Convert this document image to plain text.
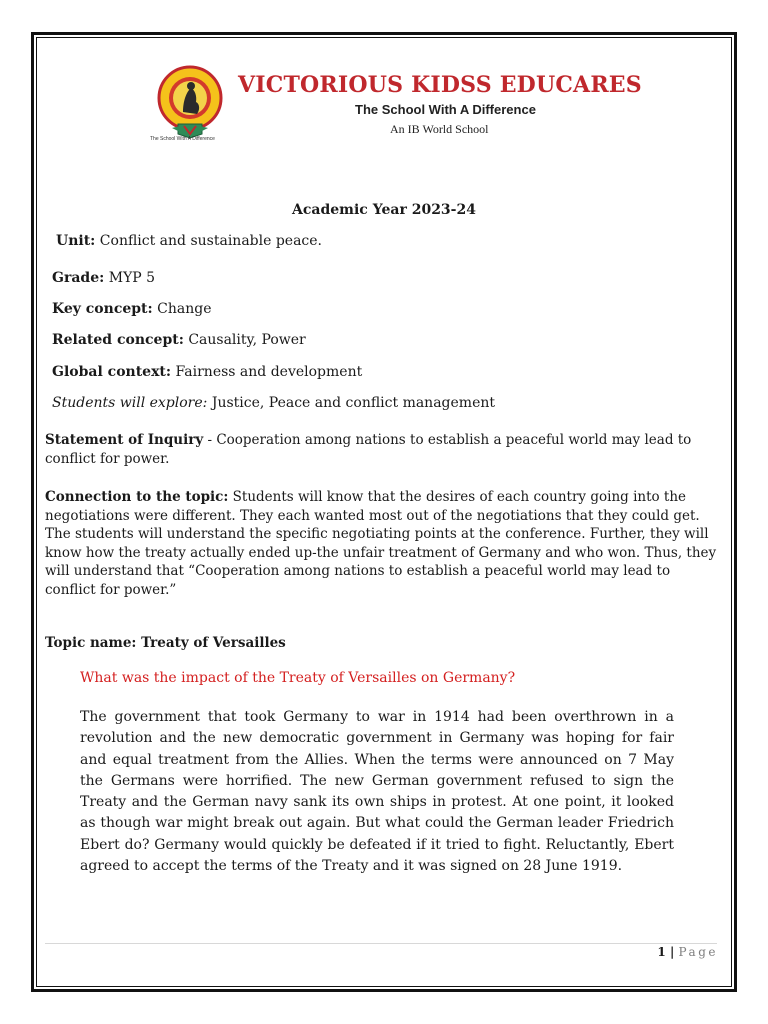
The School With A Difference
VICTORIOUS KIDSS EDUCARES
The School With A Difference
An IB World School
Academic Year 2023-24
Unit: Conflict and sustainable peace.
Grade: MYP 5
Key concept: Change
Related concept: Causality, Power
Global context: Fairness and development
Students will explore: Justice, Peace and conflict management

Statement of Inquiry - Cooperation among nations to establish a peaceful world may lead to conflict for power.

Connection to the topic: Students will know that the desires of each country going into the negotiations were different. They each wanted most out of the negotiations that they could get. The students will understand the specific negotiating points at the conference. Further, they will know how the treaty actually ended up-the unfair treatment of Germany and who won. Thus, they will understand that “Cooperation among nations to establish a peaceful world may lead to conflict for power.”

Topic name: Treaty of Versailles
What was the impact of the Treaty of Versailles on Germany?

The government that took Germany to war in 1914 had been overthrown in a revolution and the new democratic government in Germany was hoping for fair and equal treatment from the Allies. When the terms were announced on 7 May the Germans were horrified. The new German government refused to sign the Treaty and the German navy sank its own ships in protest. At one point, it looked as though war might break out again. But what could the German leader Friedrich Ebert do? Germany would quickly be defeated if it tried to fight. Reluctantly, Ebert agreed to accept the terms of the Treaty and it was signed on 28 June 1919.

1 | Page
